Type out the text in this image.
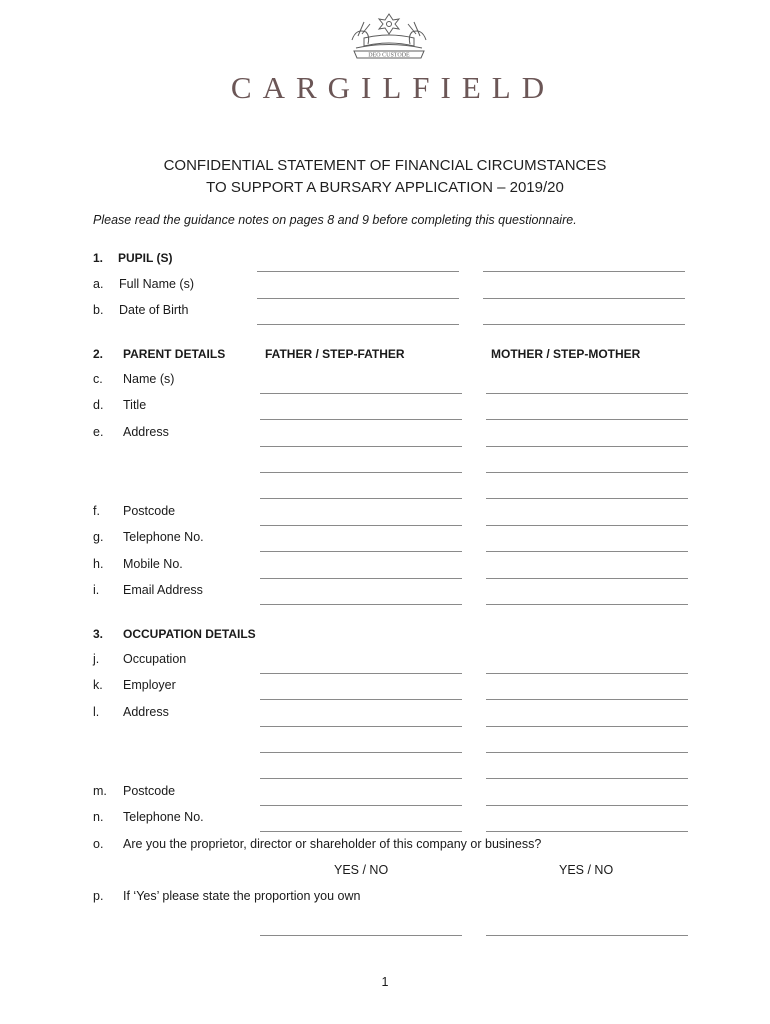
DEO CUSTODE
CARGILFIELD
CONFIDENTIAL STATEMENT OF FINANCIAL CIRCUMSTANCES
TO SUPPORT A BURSARY APPLICATION – 2019/20
Please read the guidance notes on pages 8 and 9 before completing this questionnaire.
1. PUPIL (S)
a. Full Name (s)
b. Date of Birth
2. PARENT DETAILS	FATHER / STEP-FATHER	MOTHER / STEP-MOTHER
c. Name (s)
d. Title
e. Address
f. Postcode
g. Telephone No.
h. Mobile No.
i. Email Address
3. OCCUPATION DETAILS
j. Occupation
k. Employer
l. Address
m. Postcode
n. Telephone No.
o. Are you the proprietor, director or shareholder of this company or business?
YES / NO	YES / NO
p. If ‘Yes’ please state the proportion you own
1
